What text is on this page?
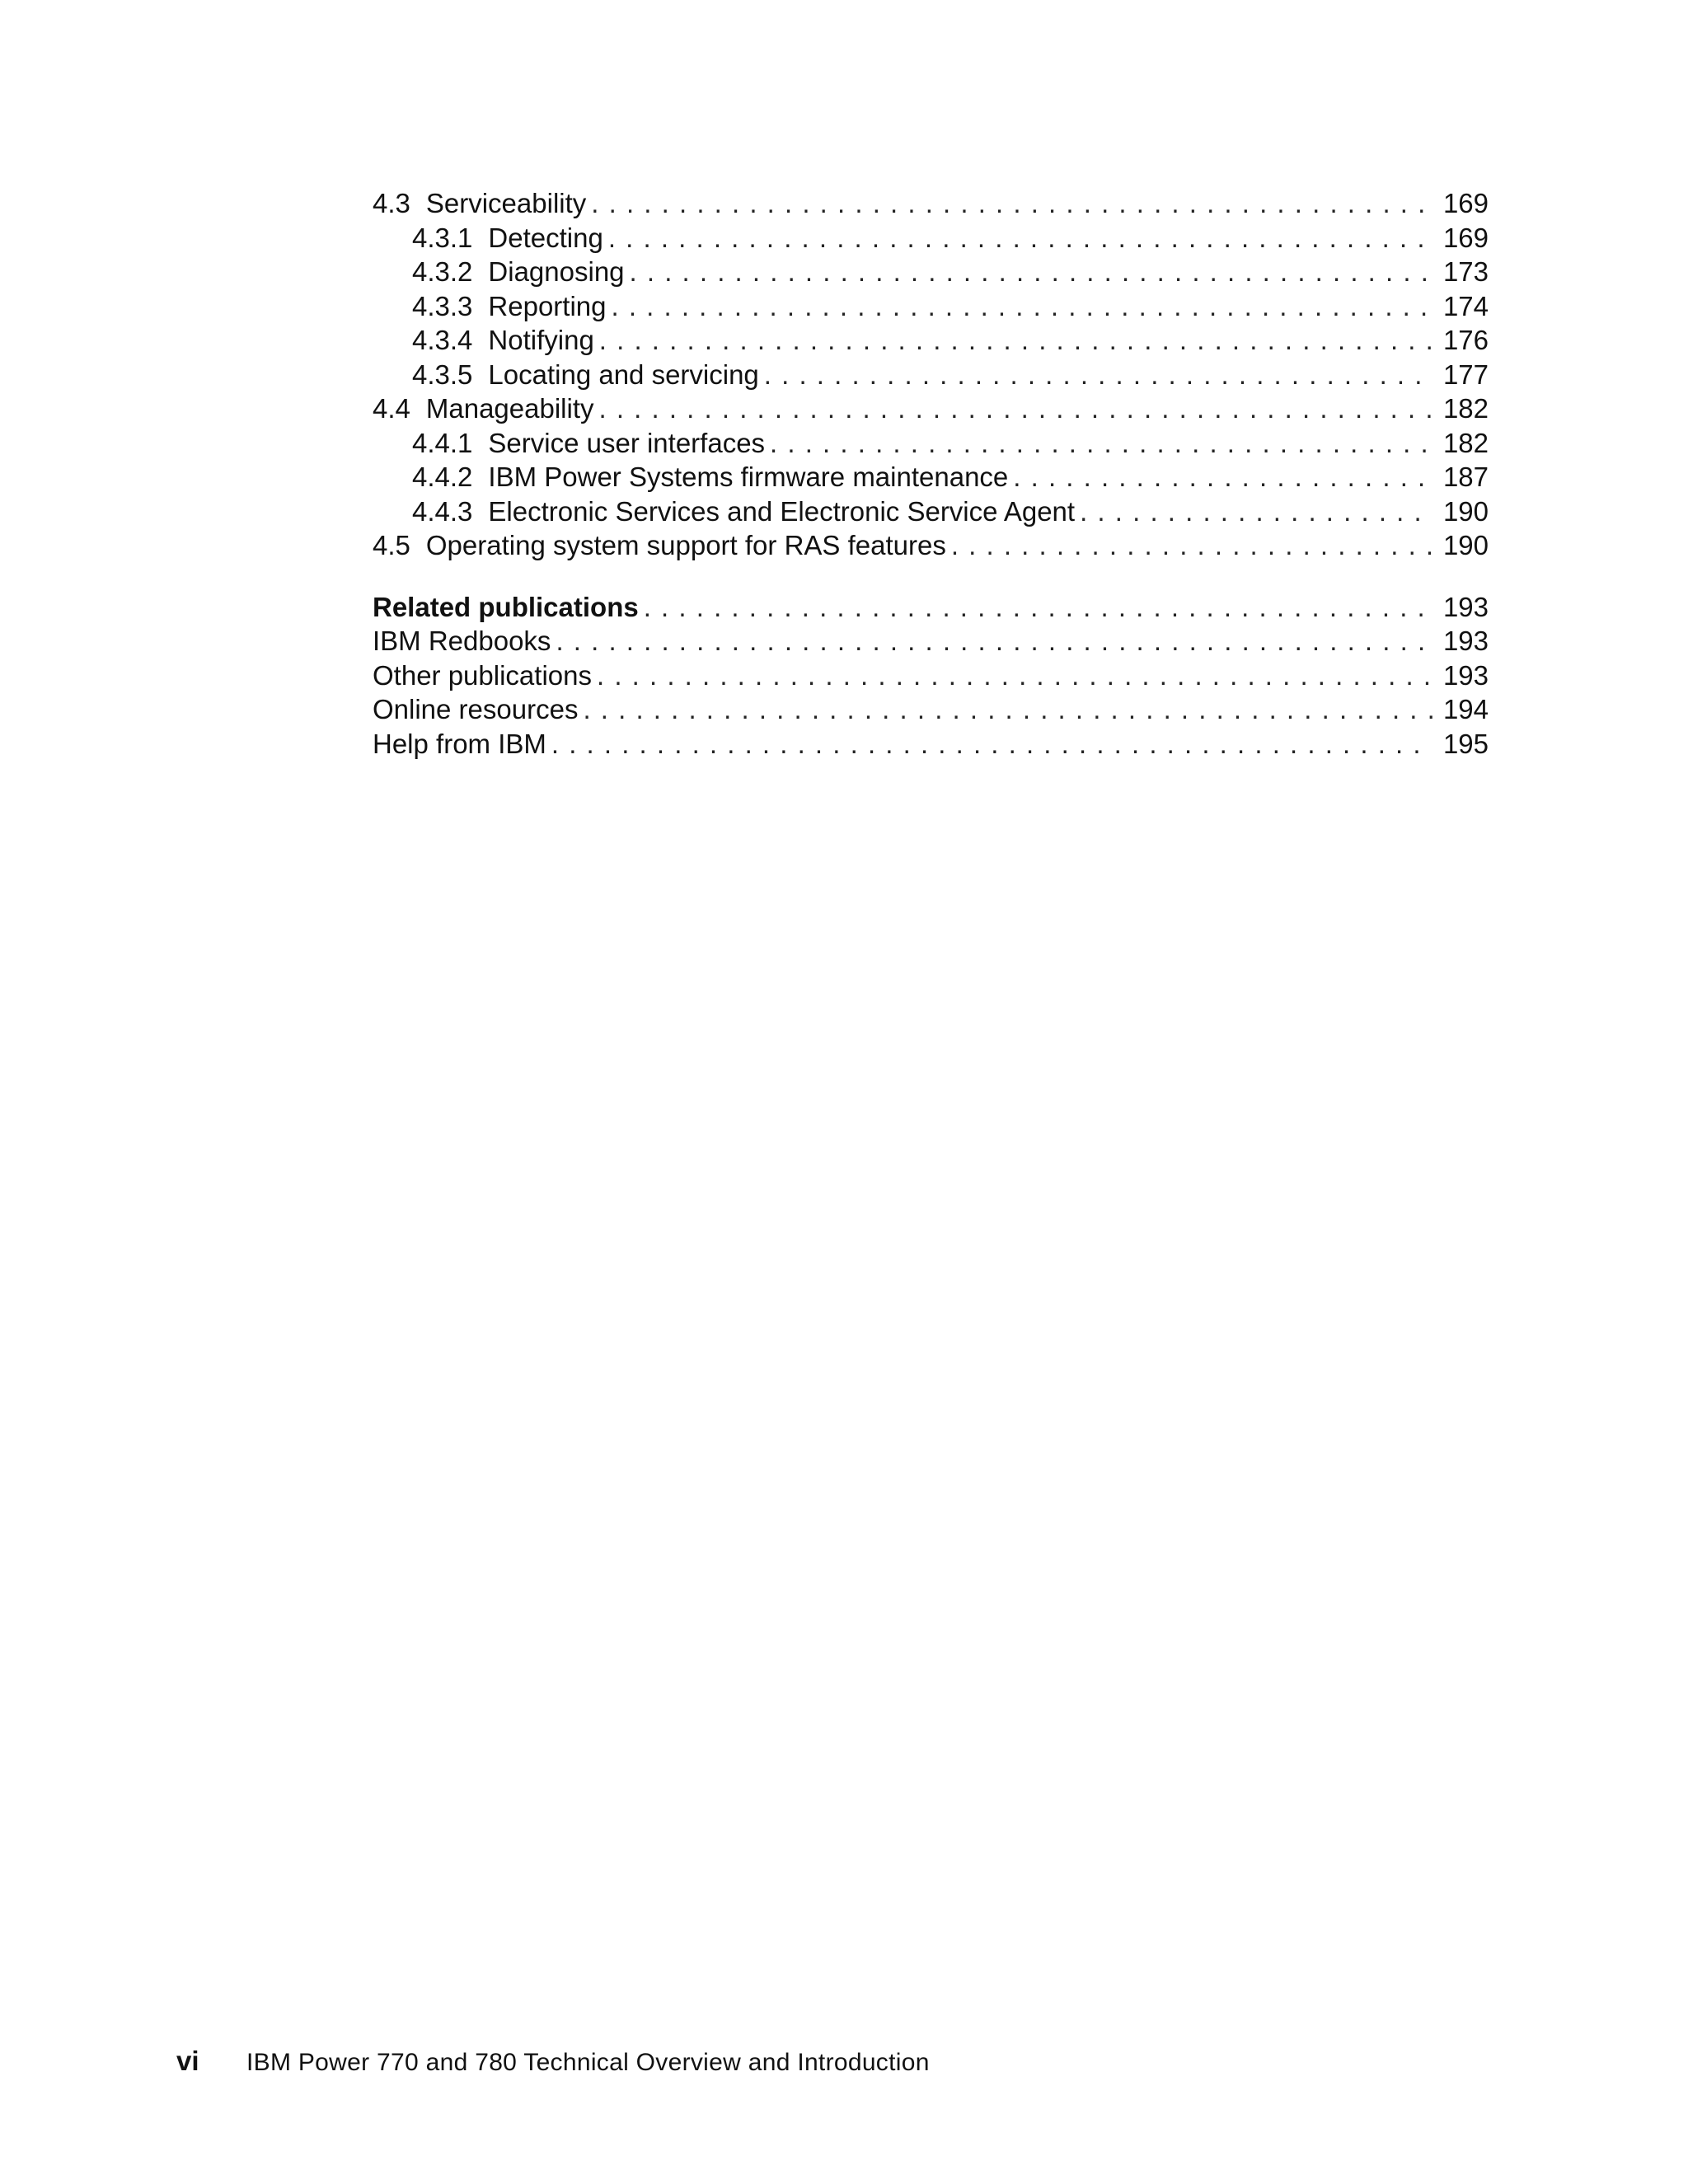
4.3 Serviceability . . .	169
4.3.1 Detecting . . .	169
4.3.2 Diagnosing . . .	173
4.3.3 Reporting . . .	174
4.3.4 Notifying . . .	176
4.3.5 Locating and servicing . . .	177
4.4 Manageability . . .	182
4.4.1 Service user interfaces . . .	182
4.4.2 IBM Power Systems firmware maintenance . . .	187
4.4.3 Electronic Services and Electronic Service Agent . . .	190
4.5 Operating system support for RAS features . . .	190
Related publications . . .	193
IBM Redbooks . . .	193
Other publications . . .	193
Online resources . . .	194
Help from IBM . . .	195
vi	IBM Power 770 and 780 Technical Overview and Introduction
